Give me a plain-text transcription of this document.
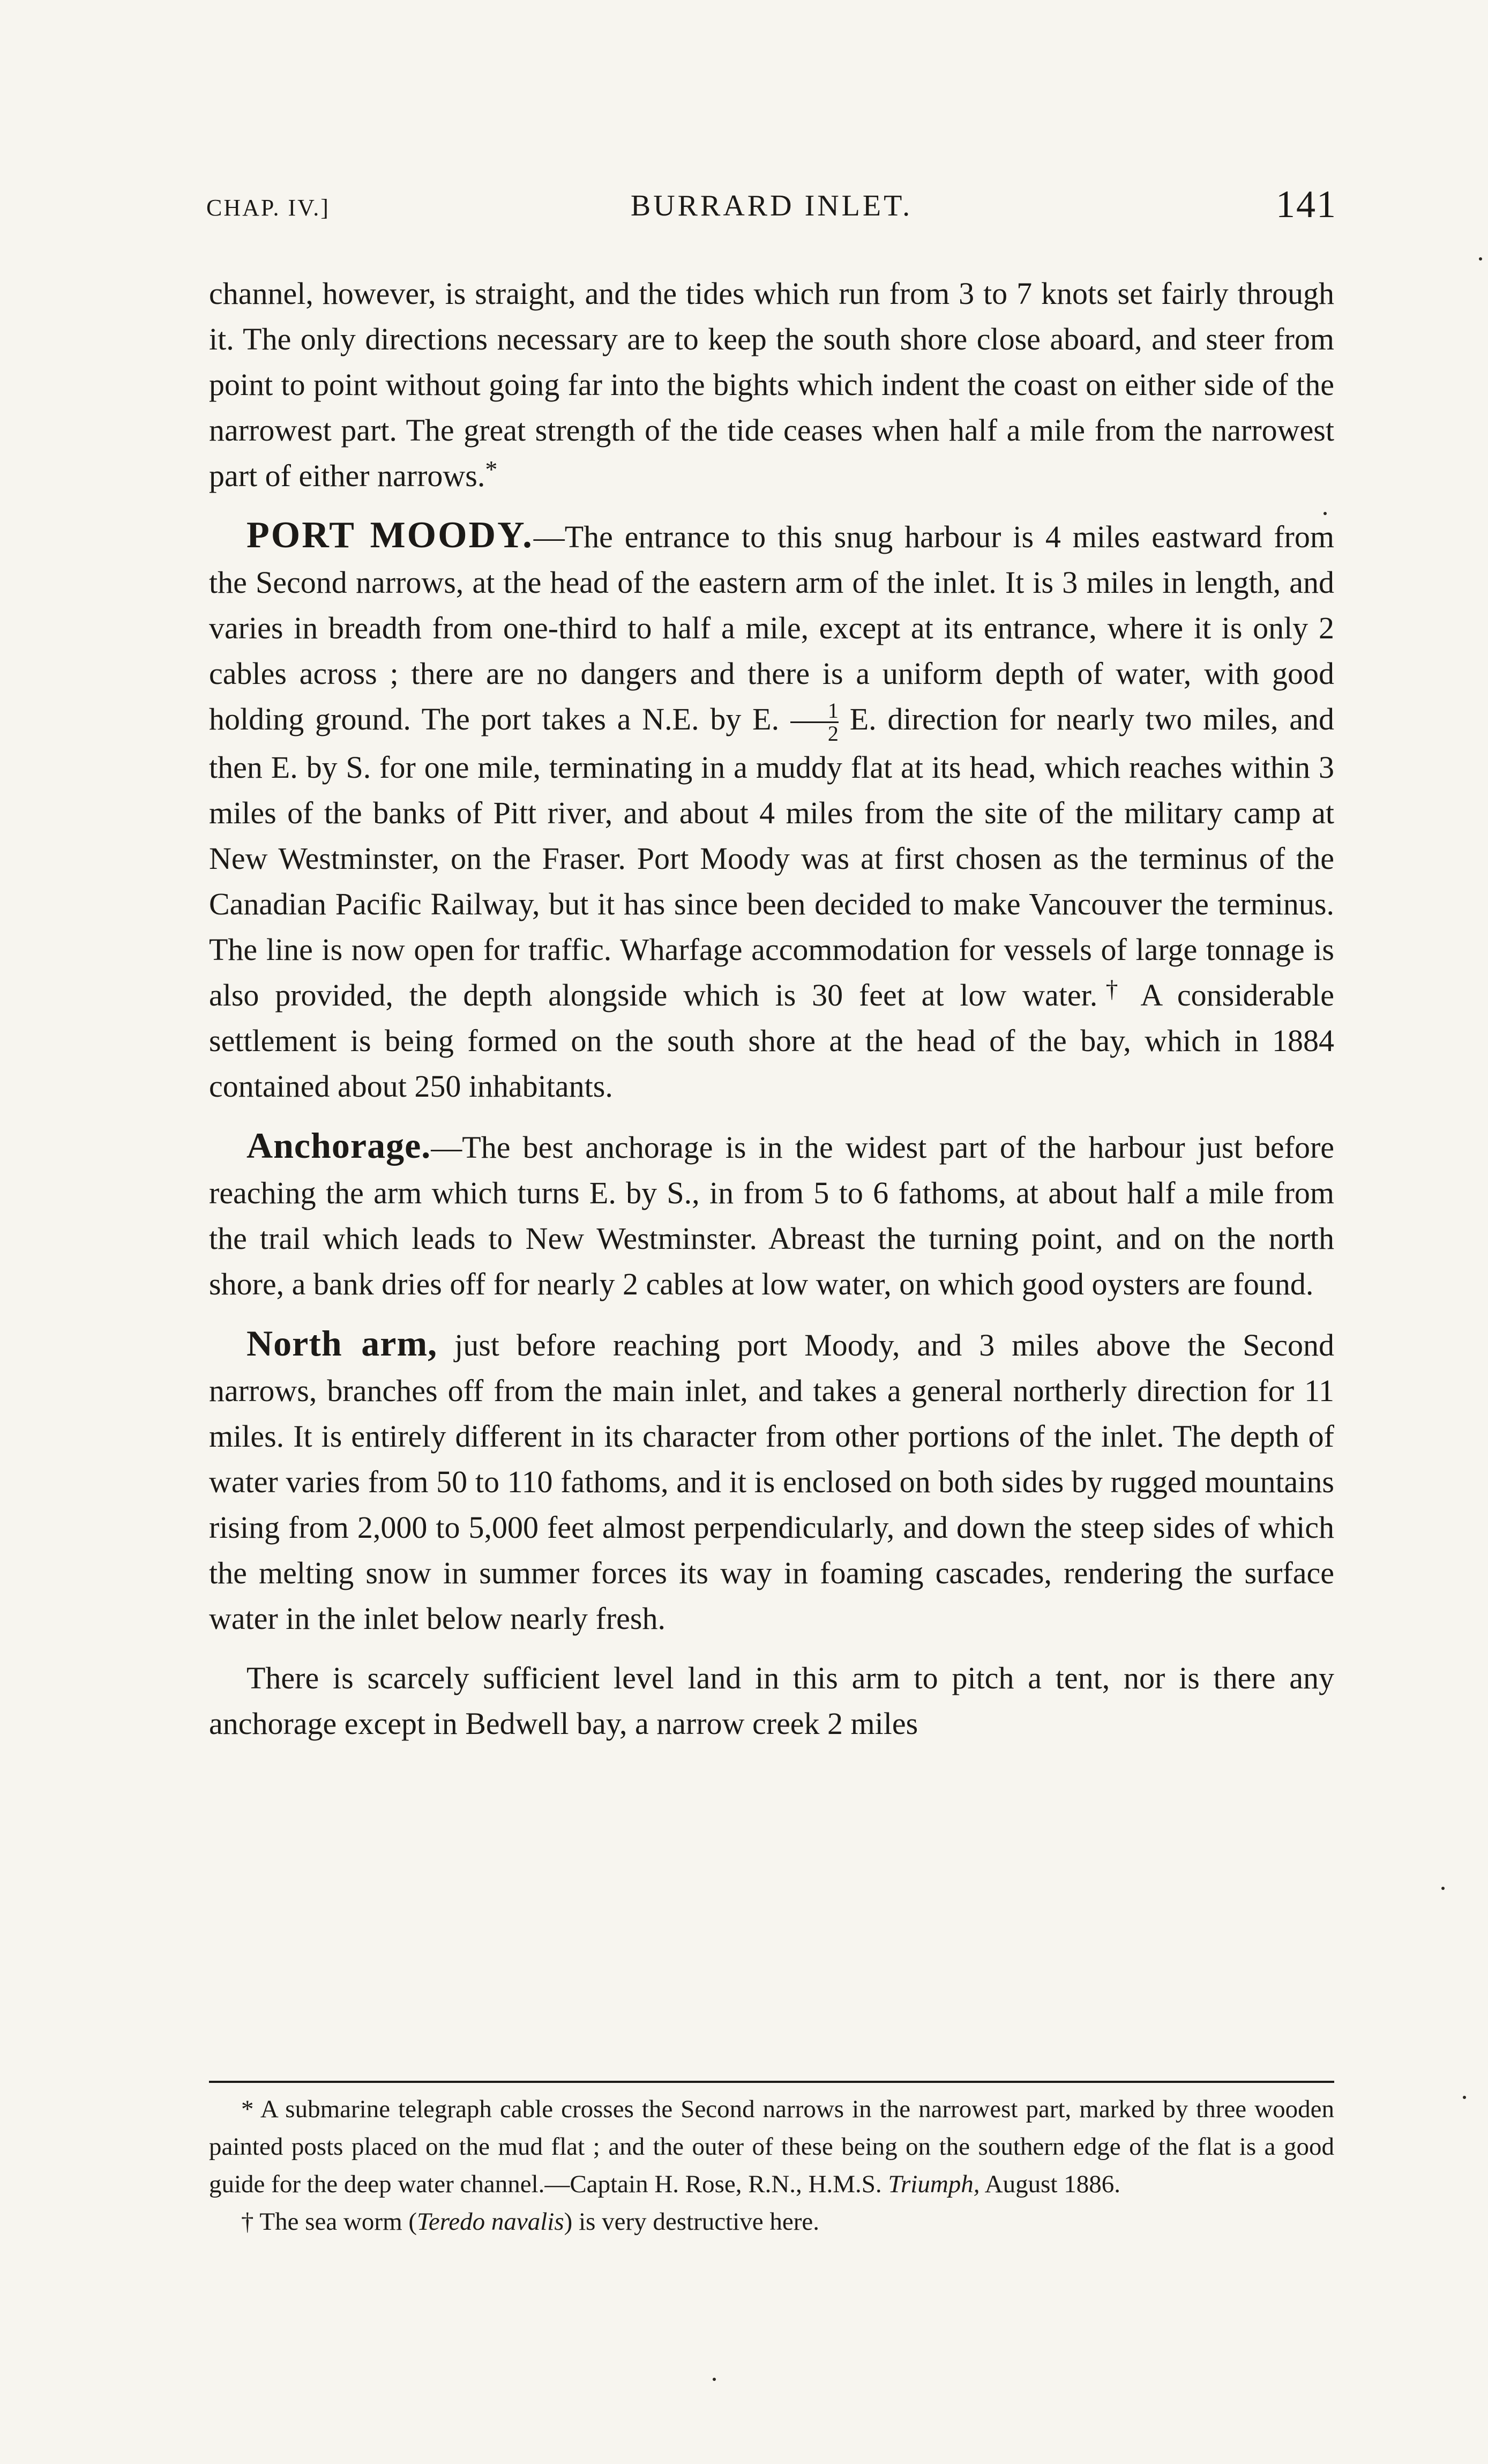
CHAP. IV.]	BURRARD INLET.	141

channel, however, is straight, and the tides which run from 3 to 7 knots set fairly through it. The only directions necessary are to keep the south shore close aboard, and steer from point to point without going far into the bights which indent the coast on either side of the narrowest part. The great strength of the tide ceases when half a mile from the narrowest part of either narrows.*

PORT MOODY.—The entrance to this snug harbour is 4 miles eastward from the Second narrows, at the head of the eastern arm of the inlet. It is 3 miles in length, and varies in breadth from one-third to half a mile, except at its entrance, where it is only 2 cables across ; there are no dangers and there is a uniform depth of water, with good holding ground. The port takes a N.E. by E. $\frac{1}{2} E$. direction for nearly two miles, and then E. by S. for one mile, terminating in a muddy flat at its head, which reaches within 3 miles of the banks of Pitt river, and about 4 miles from the site of the military camp at New Westminster, on the Fraser. Port Moody was at first chosen as the terminus of the Canadian Pacific Railway, but it has since been decided to make Vancouver the terminus. The line is now open for traffic. Wharfage accommodation for vessels of large tonnage is also provided, the depth alongside which is 30 feet at low water.† A considerable settlement is being formed on the south shore at the head of the bay, which in 1884 contained about 250 inhabitants.

Anchorage.—The best anchorage is in the widest part of the harbour just before reaching the arm which turns E. by S., in from 5 to 6 fathoms, at about half a mile from the trail which leads to New Westminster. Abreast the turning point, and on the north shore, a bank dries off for nearly 2 cables at low water, on which good oysters are found.

North arm, just before reaching port Moody, and 3 miles above the Second narrows, branches off from the main inlet, and takes a general northerly direction for 11 miles. It is entirely different in its character from other portions of the inlet. The depth of water varies from 50 to 110 fathoms, and it is enclosed on both sides by rugged mountains rising from 2,000 to 5,000 feet almost perpendicularly, and down the steep sides of which the melting snow in summer forces its way in foaming cascades, rendering the surface water in the inlet below nearly fresh.

There is scarcely sufficient level land in this arm to pitch a tent, nor is there any anchorage except in Bedwell bay, a narrow creek 2 miles

* A submarine telegraph cable crosses the Second narrows in the narrowest part, marked by three wooden painted posts placed on the mud flat ; and the outer of these being on the southern edge of the flat is a good guide for the deep water channel.—Captain H. Rose, R.N., H.M.S. Triumph, August 1886.

† The sea worm (Teredo navalis) is very destructive here.
